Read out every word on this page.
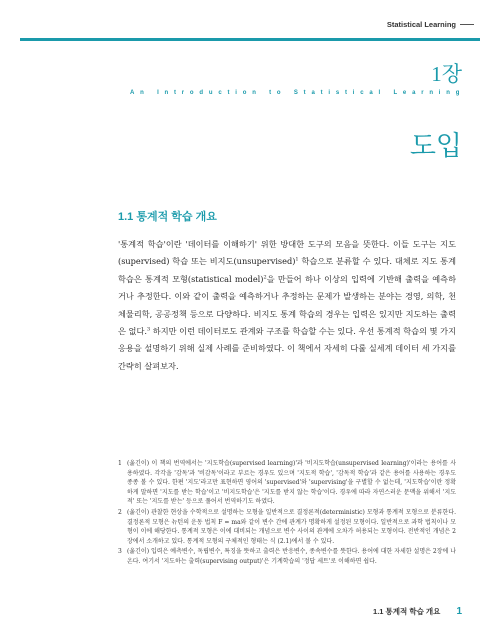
Statistical Learning
1장
An Introduction to Statistical Learning
도입
1.1 통계적 학습 개요
'통계적 학습'이란 '데이터를 이해하기' 위한 방대한 도구의 모음을 뜻한다. 이들 도구는 지도(supervised) 학습 또는 비지도(unsupervised)$^1$ 학습으로 분류할 수 있다. 대체로 지도 통계 학습은 통계적 모형(statistical model)$^2$을 만들어 하나 이상의 입력에 기반해 출력을 예측하거나 추정한다. 이와 같이 출력을 예측하거나 추정하는 문제가 발생하는 분야는 경영, 의학, 천체물리학, 공공정책 등으로 다양하다. 비지도 통계 학습의 경우는 입력은 있지만 지도하는 출력은 없다.$^3$ 하지만 이런 데이터로도 관계와 구조를 학습할 수는 있다. 우선 통계적 학습의 몇 가지 응용을 설명하기 위해 실제 사례를 준비하였다. 이 책에서 자세히 다룰 실세계 데이터 세 가지를 간략히 살펴보자.
1 (옮긴이) 이 책의 번역에서는 '지도학습(supervised learning)'과 '비지도학습(unsupervised learning)'이라는 용어를 사용하였다. 각각을 '감독'과 '비감독'이라고 부르는 경우도 있으며 '지도적 학습', '감독적 학습'과 같은 용어를 사용하는 경우도 종종 볼 수 있다. 한편 '지도'라고만 표현하면 영어의 'supervised'와 'supervising'을 구별할 수 없는데, '지도학습'이란 정확하게 말하면 '지도를 받는 학습'이고 '비지도학습'은 '지도를 받지 않는 학습'이다. 경우에 따라 자연스러운 문맥을 위해서 '지도적' 또는 '지도를 받는' 등으로 풀어서 번역하기도 하였다.
2 (옮긴이) 관찰한 현상을 수학적으로 설명하는 모형을 일반적으로 결정론적(deterministic) 모형과 통계적 모형으로 분류한다. 결정론적 모형은 뉴턴의 운동 법칙 F = ma와 같이 변수 간에 관계가 명확하게 설정된 모형이다. 일반적으로 과학 법칙이나 모형이 이에 해당한다. 통계적 모형은 이에 대비되는 개념으로 변수 사이의 관계에 오차가 허용되는 모형이다. 전반적인 개념은 2장에서 소개하고 있다. 통계적 모형의 구체적인 형태는 식 (2.1)에서 볼 수 있다.
3 (옮긴이) 입력은 예측변수, 독립변수, 특징을 뜻하고 출력은 반응변수, 종속변수를 뜻한다. 용어에 대한 자세한 설명은 2장에 나온다. 여기서 '지도하는 출력(supervising output)'은 기계학습의 '정답 세트'로 이해하면 쉽다.
1.1 통계적 학습 개요 1
